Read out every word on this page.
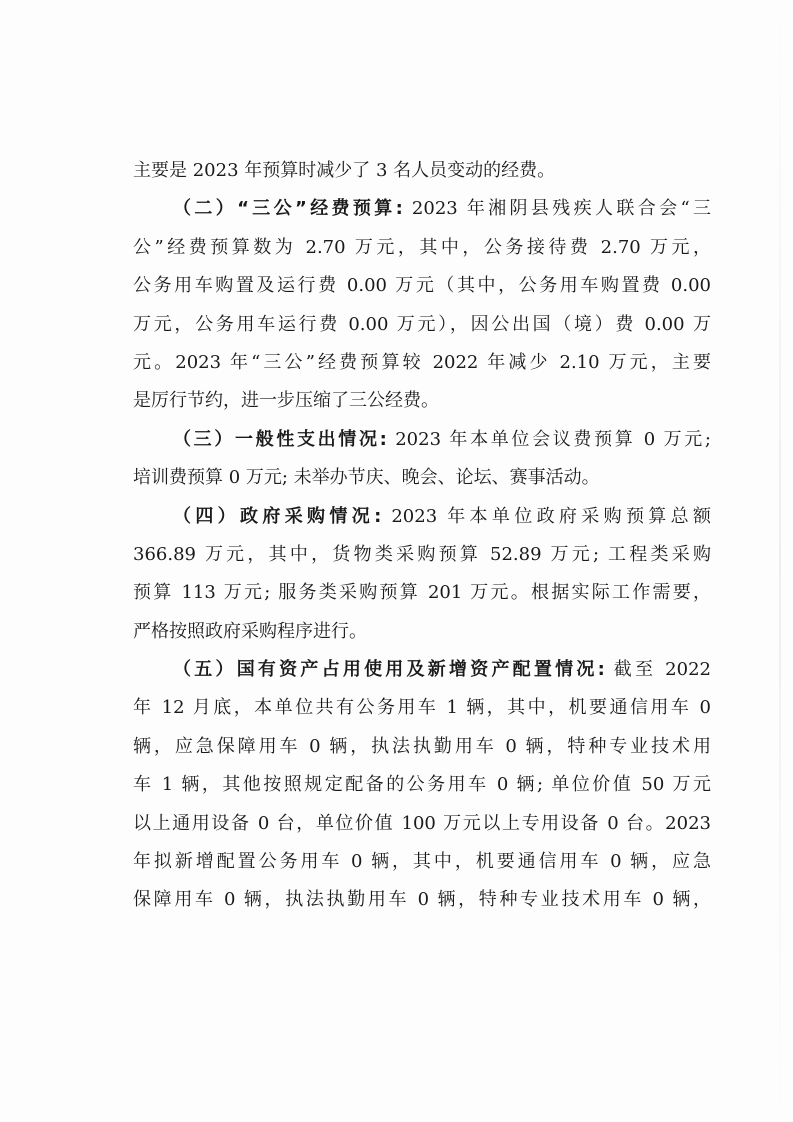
主要是 2023 年预算时减少了 3 名人员变动的经费。
（二）“三公”经费预算: 2023 年湘阴县残疾人联合会“三
公”经费预算数为 2.70 万元，其中，公务接待费 2.70 万元，
公务用车购置及运行费 0.00 万元（其中，公务用车购置费 0.00
万元，公务用车运行费 0.00 万元），因公出国（境）费 0.00 万
元。2023 年“三公”经费预算较 2022 年减少 2.10 万元，主要
是厉行节约，进一步压缩了三公经费。
（三）一般性支出情况: 2023 年本单位会议费预算 0 万元;
培训费预算 0 万元; 未举办节庆、晚会、论坛、赛事活动。
（四）政府采购情况: 2023 年本单位政府采购预算总额
366.89 万元，其中，货物类采购预算 52.89 万元; 工程类采购
预算 113 万元; 服务类采购预算 201 万元。根据实际工作需要，
严格按照政府采购程序进行。
（五）国有资产占用使用及新增资产配置情况: 截至 2022
年 12 月底，本单位共有公务用车 1 辆，其中，机要通信用车 0
辆，应急保障用车 0 辆，执法执勤用车 0 辆，特种专业技术用
车 1 辆，其他按照规定配备的公务用车 0 辆; 单位价值 50 万元
以上通用设备 0 台，单位价值 100 万元以上专用设备 0 台。2023
年拟新增配置公务用车 0 辆，其中，机要通信用车 0 辆，应急
保障用车 0 辆，执法执勤用车 0 辆，特种专业技术用车 0 辆，
